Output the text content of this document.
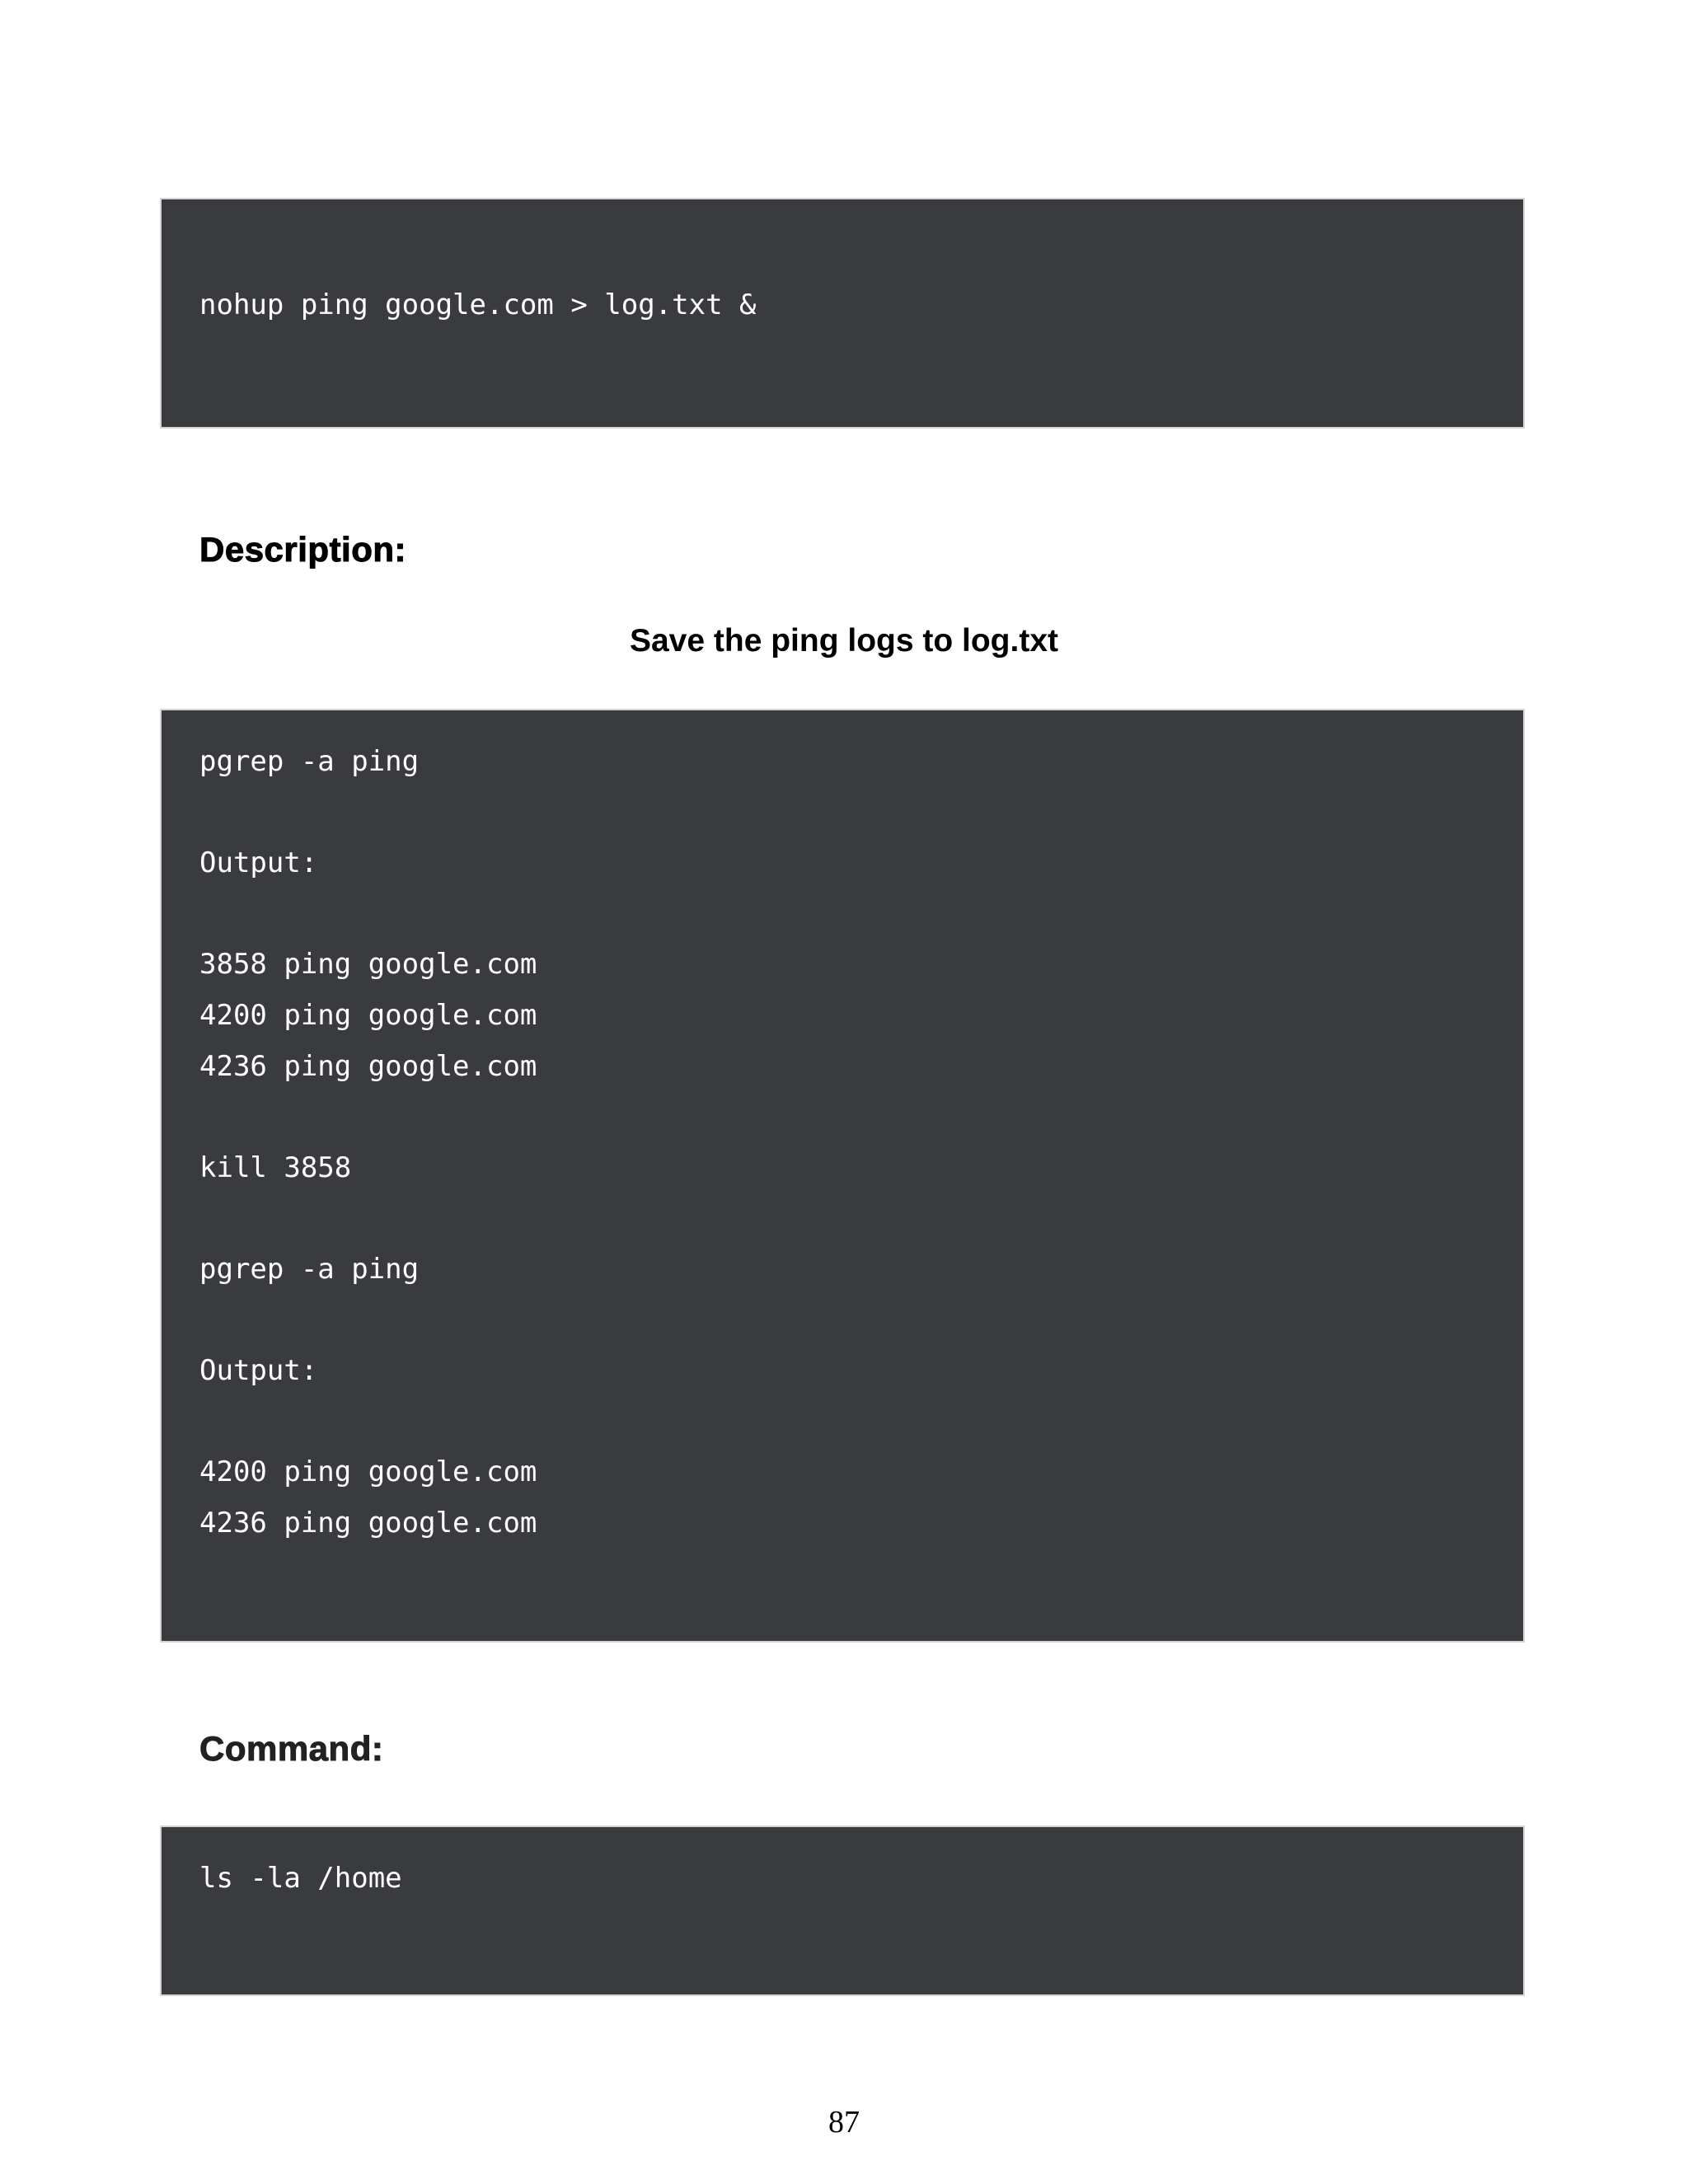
nohup ping google.com > log.txt &

Description:

Save the ping logs to log.txt

pgrep -a ping

Output:

3858 ping google.com

4200 ping google.com

4236 ping google.com

kill 3858

pgrep -a ping

Output:

4200 ping google.com

4236 ping google.com

Command:

ls -la /home

87
